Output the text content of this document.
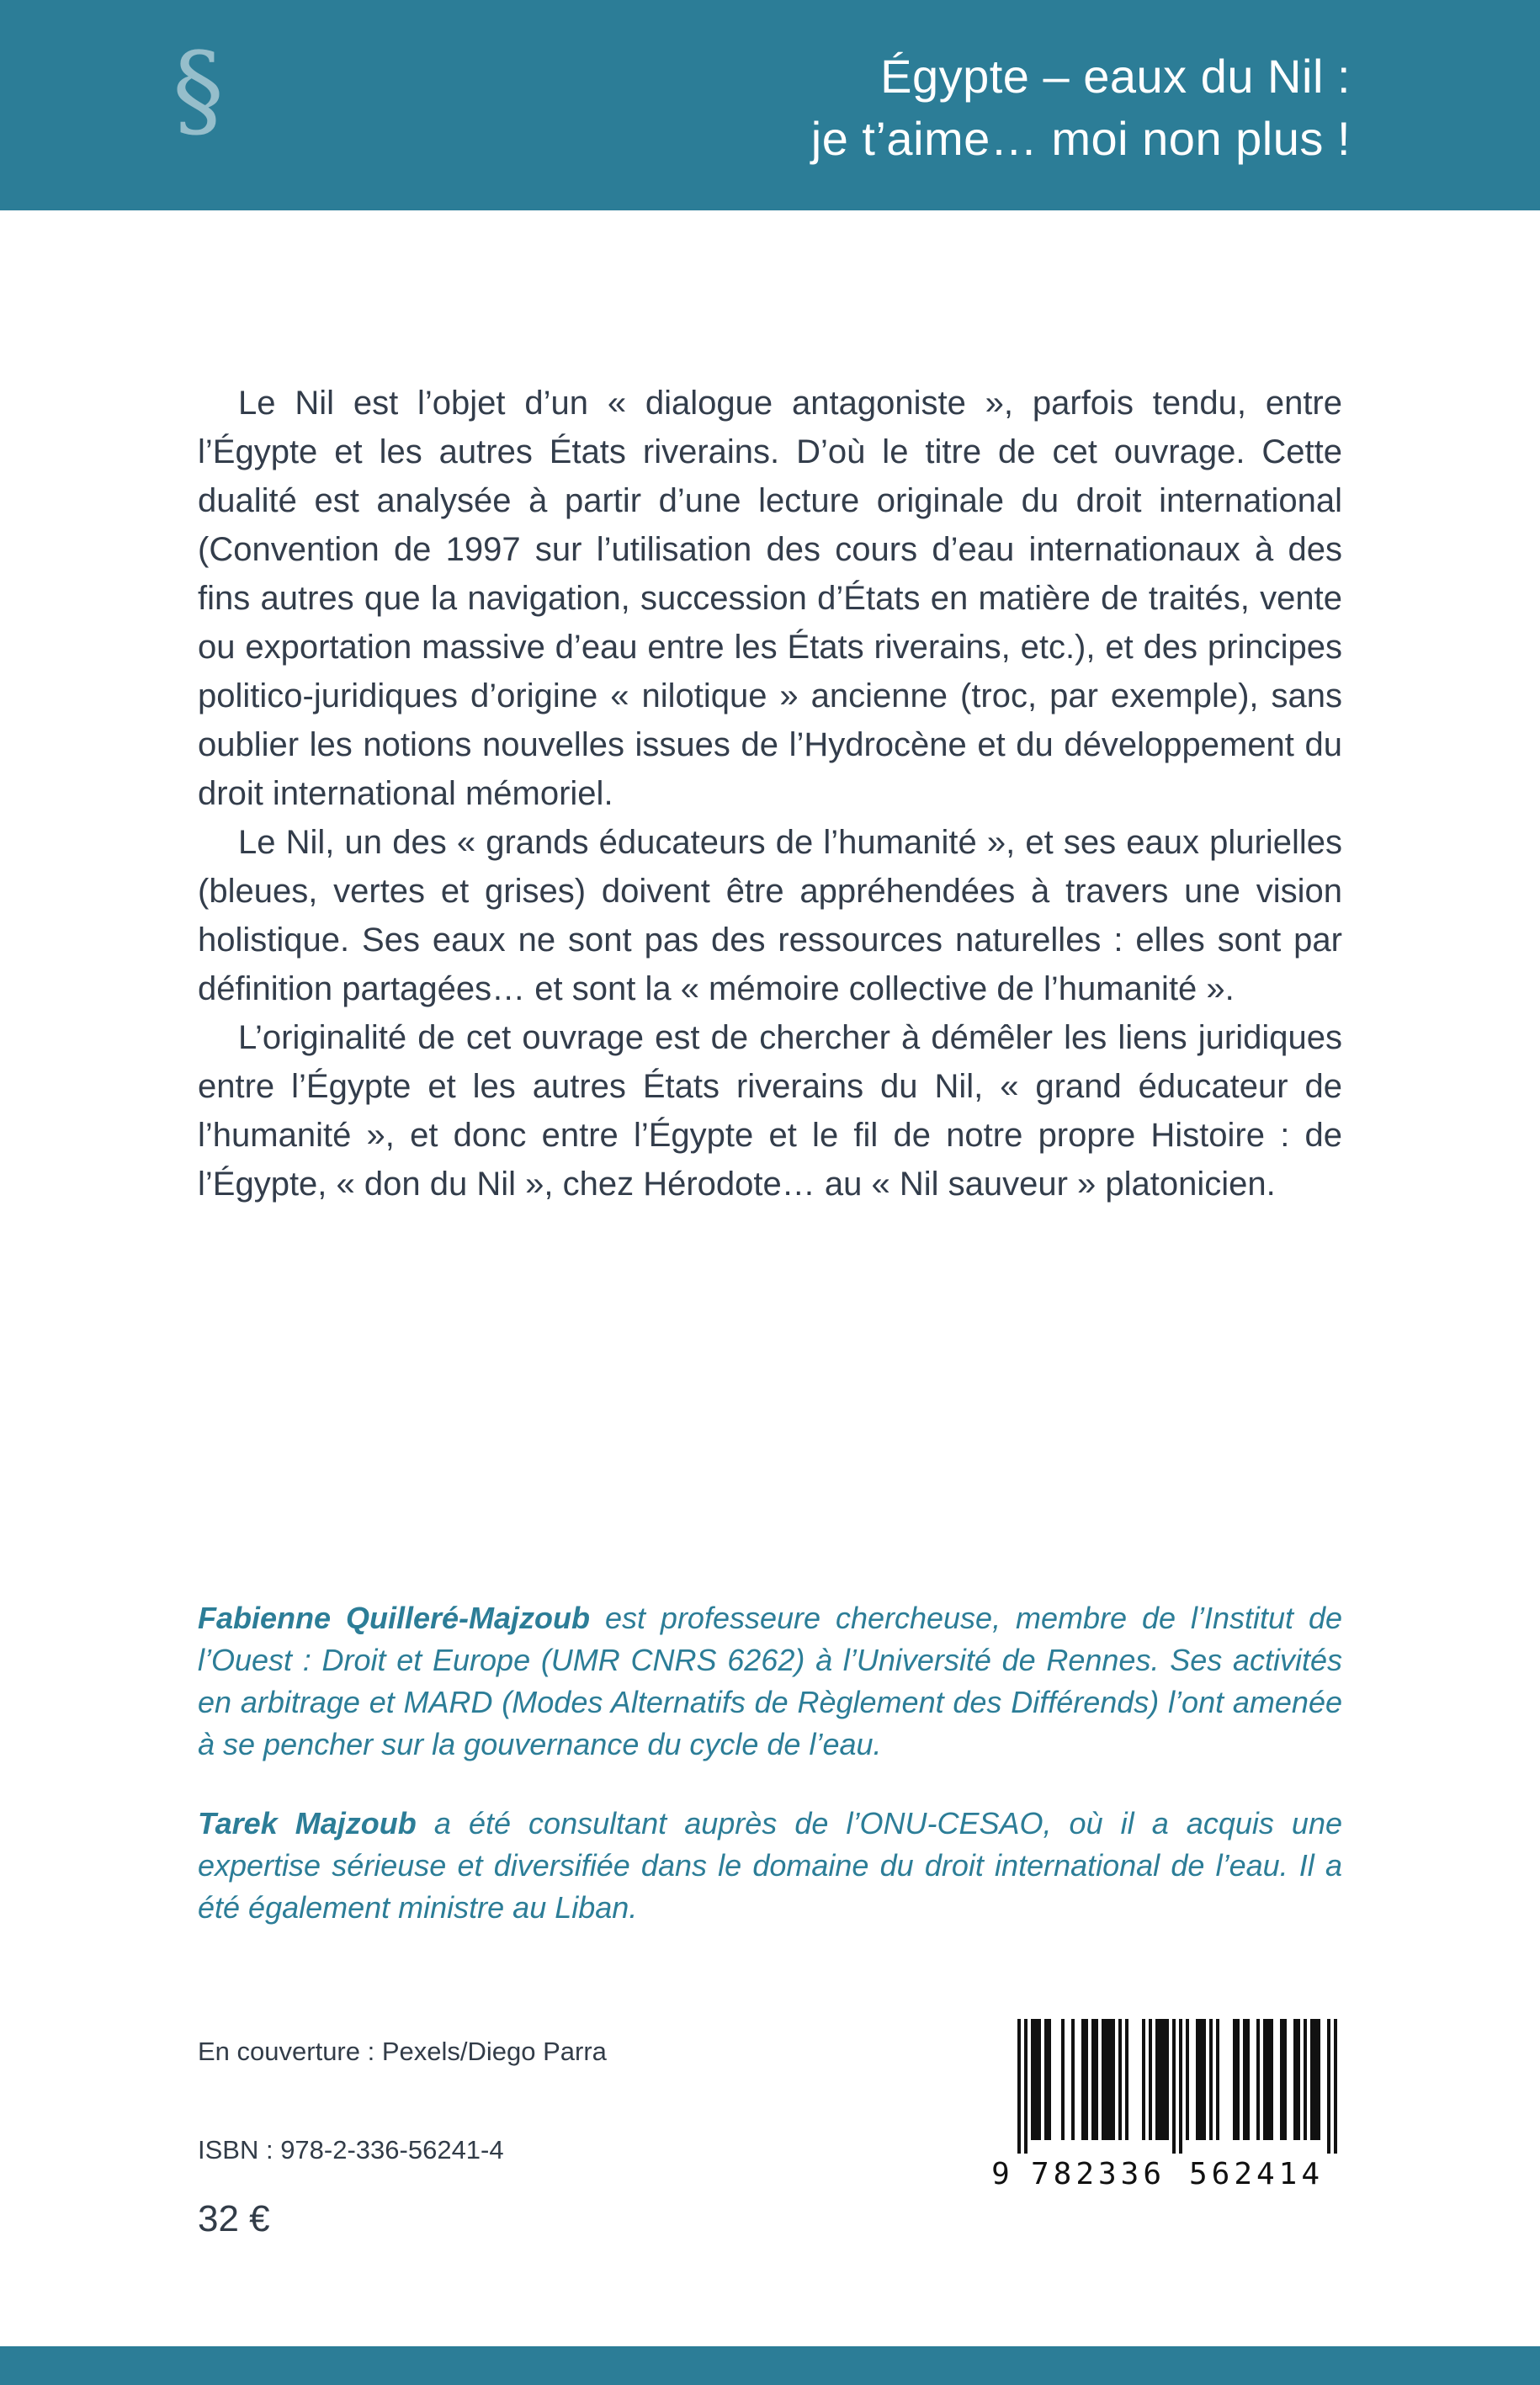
§	Égypte – eaux du Nil :
je t’aime… moi non plus !

Le Nil est l’objet d’un « dialogue antagoniste », parfois tendu, entre l’Égypte et les autres États riverains. D’où le titre de cet ouvrage. Cette dualité est analysée à partir d’une lecture originale du droit international (Convention de 1997 sur l’utilisation des cours d’eau internationaux à des fins autres que la navigation, succession d’États en matière de traités, vente ou exportation massive d’eau entre les États riverains, etc.), et des principes politico-juridiques d’origine « nilotique » ancienne (troc, par exemple), sans oublier les notions nouvelles issues de l’Hydrocène et du développement du droit international mémoriel.

Le Nil, un des « grands éducateurs de l’humanité », et ses eaux plurielles (bleues, vertes et grises) doivent être appréhendées à travers une vision holistique. Ses eaux ne sont pas des ressources naturelles : elles sont par définition partagées… et sont la « mémoire collective de l’humanité ».

L’originalité de cet ouvrage est de chercher à démêler les liens juridiques entre l’Égypte et les autres États riverains du Nil, « grand éducateur de l’humanité », et donc entre l’Égypte et le fil de notre propre Histoire : de l’Égypte, « don du Nil », chez Hérodote… au « Nil sauveur » platonicien.

Fabienne Quilleré-Majzoub est professeure chercheuse, membre de l’Institut de l’Ouest : Droit et Europe (UMR CNRS 6262) à l’Université de Rennes. Ses activités en arbitrage et MARD (Modes Alternatifs de Règlement des Différends) l’ont amenée à se pencher sur la gouvernance du cycle de l’eau.

Tarek Majzoub a été consultant auprès de l’ONU-CESAO, où il a acquis une expertise sérieuse et diversifiée dans le domaine du droit international de l’eau. Il a été également ministre au Liban.

En couverture : Pexels/Diego Parra
ISBN : 978-2-336-56241-4
32 €
9 782336 562414
